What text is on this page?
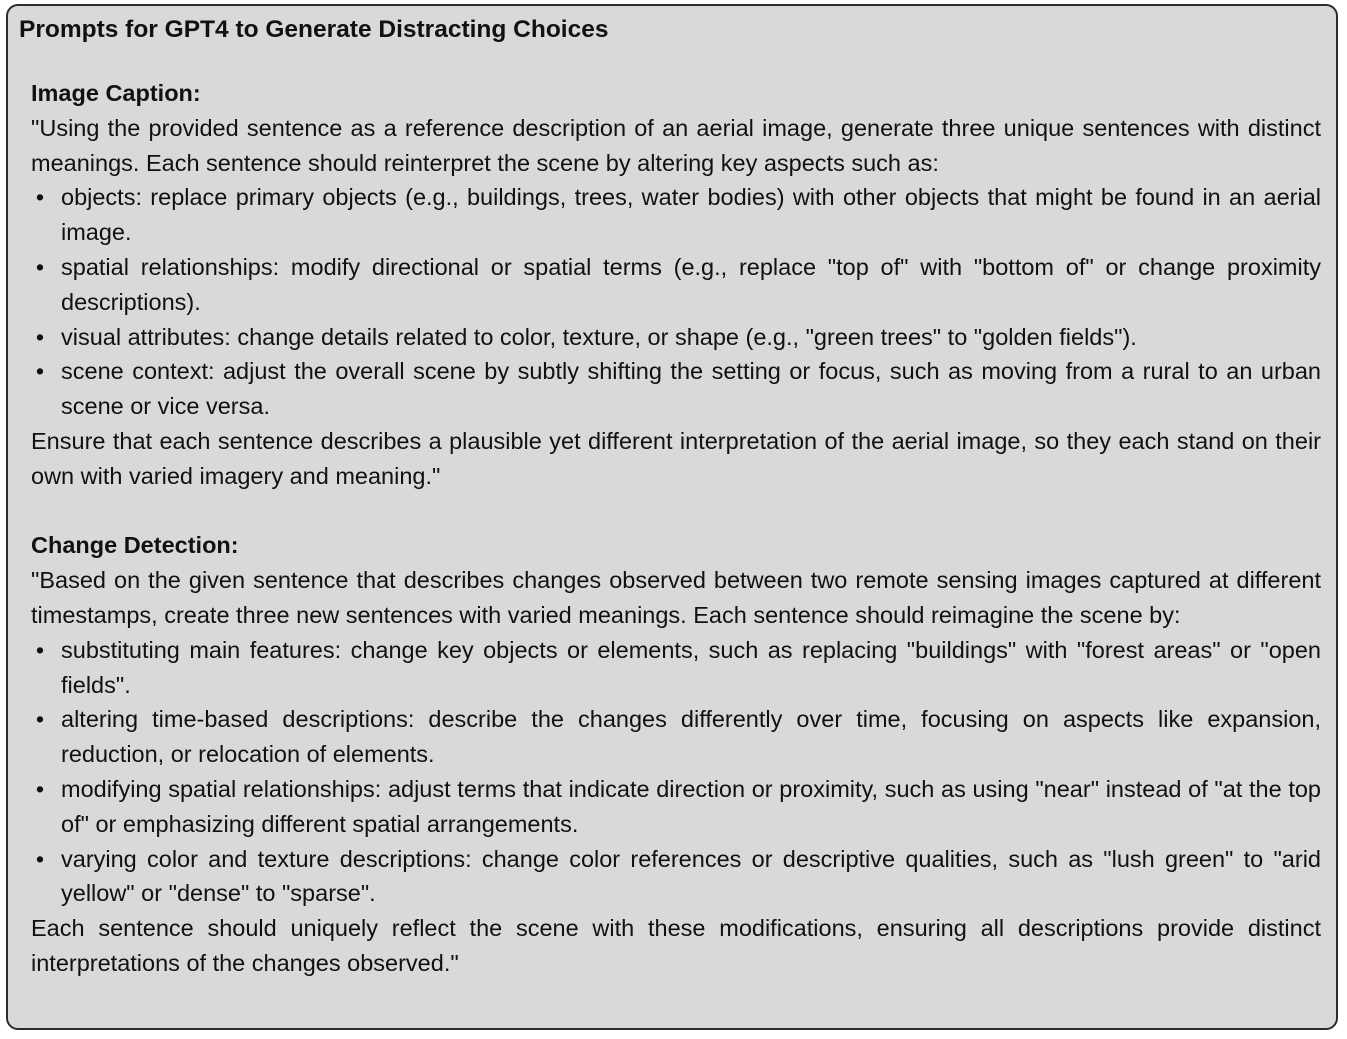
Prompts for GPT4 to Generate Distracting Choices
Image Caption:
"Using the provided sentence as a reference description of an aerial image, generate three unique sentences with distinct meanings. Each sentence should reinterpret the scene by altering key aspects such as:
• objects: replace primary objects (e.g., buildings, trees, water bodies) with other objects that might be found in an aerial image.
• spatial relationships: modify directional or spatial terms (e.g., replace "top of" with "bottom of" or change proximity descriptions).
• visual attributes: change details related to color, texture, or shape (e.g., "green trees" to "golden fields").
• scene context: adjust the overall scene by subtly shifting the setting or focus, such as moving from a rural to an urban scene or vice versa.
Ensure that each sentence describes a plausible yet different interpretation of the aerial image, so they each stand on their own with varied imagery and meaning."
Change Detection:
"Based on the given sentence that describes changes observed between two remote sensing images captured at different timestamps, create three new sentences with varied meanings. Each sentence should reimagine the scene by:
• substituting main features: change key objects or elements, such as replacing "buildings" with "forest areas" or "open fields".
• altering time-based descriptions: describe the changes differently over time, focusing on aspects like expansion, reduction, or relocation of elements.
• modifying spatial relationships: adjust terms that indicate direction or proximity, such as using "near" instead of "at the top of" or emphasizing different spatial arrangements.
• varying color and texture descriptions: change color references or descriptive qualities, such as "lush green" to "arid yellow" or "dense" to "sparse".
Each sentence should uniquely reflect the scene with these modifications, ensuring all descriptions provide distinct interpretations of the changes observed."
